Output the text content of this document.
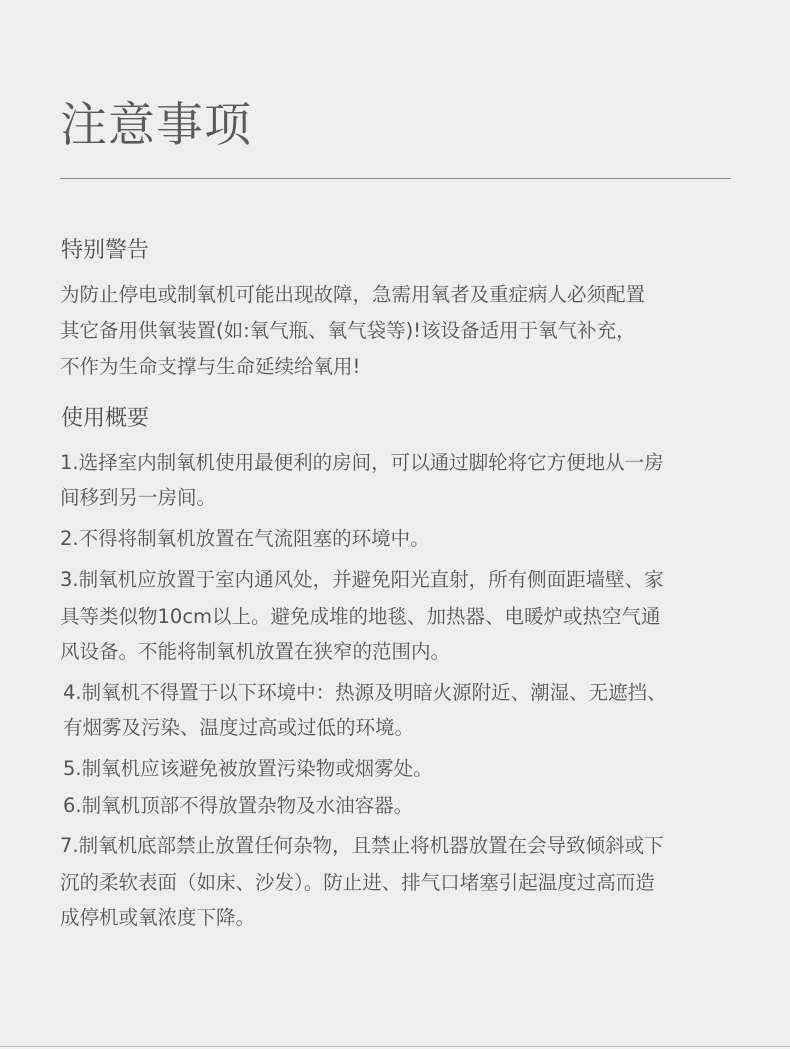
注意事项
特别警告

为防止停电或制氧机可能出现故障，急需用氧者及重症病人必须配置

其它备用供氧装置(如:氧气瓶、氧气袋等)!该设备适用于氧气补充，

不作为生命支撑与生命延续给氧用!

使用概要

1.选择室内制氧机使用最便利的房间，可以通过脚轮将它方便地从一房

间移到另一房间。

2.不得将制氧机放置在气流阻塞的环境中。

3.制氧机应放置于室内通风处，并避免阳光直射，所有侧面距墙壁、家

具等类似物10cm以上。避免成堆的地毯、加热器、电暖炉或热空气通

风设备。不能将制氧机放置在狭窄的范围内。

4.制氧机不得置于以下环境中：热源及明暗火源附近、潮湿、无遮挡、

有烟雾及污染、温度过高或过低的环境。

5.制氧机应该避免被放置污染物或烟雾处。

6.制氧机顶部不得放置杂物及水油容器。

7.制氧机底部禁止放置任何杂物，且禁止将机器放置在会导致倾斜或下

沉的柔软表面（如床、沙发）。防止进、排气口堵塞引起温度过高而造

成停机或氧浓度下降。
